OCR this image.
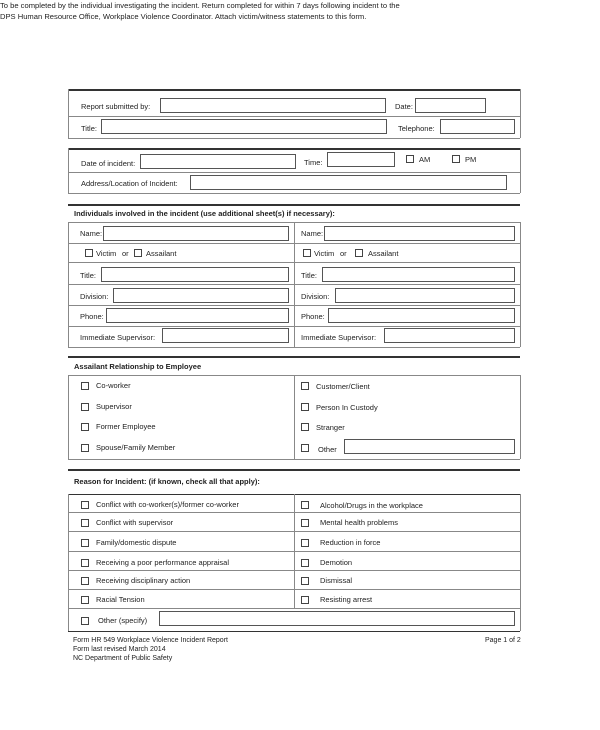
To be completed by the individual investigating the incident. Return completed for within 7 days following incident to the
DPS Human Resource Office, Workplace Violence Coordinator. Attach victim/witness statements to this form.
Report submitted by:	Date:
Title:	Telephone:
Date of incident:	Time:	AM	PM
Address/Location of Incident:
Individuals involved in the incident (use additional sheet(s) if necessary):
Name:
Victim or Assailant
Title:
Division:
Phone:
Immediate Supervisor:
Name:
Victim or	Assailant
Title:
Division:
Phone:
Immediate Supervisor:
Assailant Relationship to Employee
Co-worker
Supervisor
Former Employee
Spouse/Family Member
Customer/Client
Person In Custody
Stranger
Other
Reason for Incident: (if known, check all that apply):
Conflict with co-worker(s)/former co-worker
Conflict with supervisor
Family/domestic dispute
Receiving a poor performance appraisal
Receiving disciplinary action
Racial Tension
Alcohol/Drugs in the workplace
Mental health problems
Reduction in force
Demotion
Dismissal
Resisting arrest
Other (specify)
Form HR 549 Workplace Violence Incident Report
Form last revised March 2014
NC Department of Public Safety
Page 1 of 2
